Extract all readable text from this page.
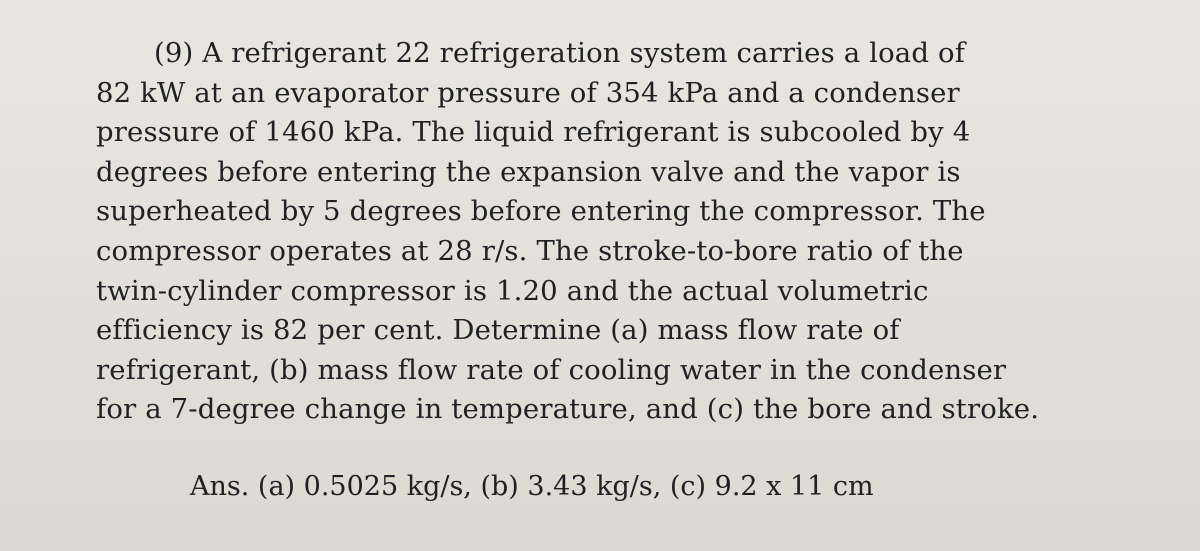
(9) A refrigerant 22 refrigeration system carries a load of
82 kW at an evaporator pressure of 354 kPa and a condenser
pressure of 1460 kPa. The liquid refrigerant is subcooled by 4
degrees before entering the expansion valve and the vapor is
superheated by 5 degrees before entering the compressor. The
compressor operates at 28 r/s. The stroke-to-bore ratio of the
twin-cylinder compressor is 1.20 and the actual volumetric
efficiency is 82 per cent. Determine (a) mass flow rate of
refrigerant, (b) mass flow rate of cooling water in the condenser
for a 7-degree change in temperature, and (c) the bore and stroke.
Ans. (a) 0.5025 kg/s, (b) 3.43 kg/s, (c) 9.2 x 11 cm
